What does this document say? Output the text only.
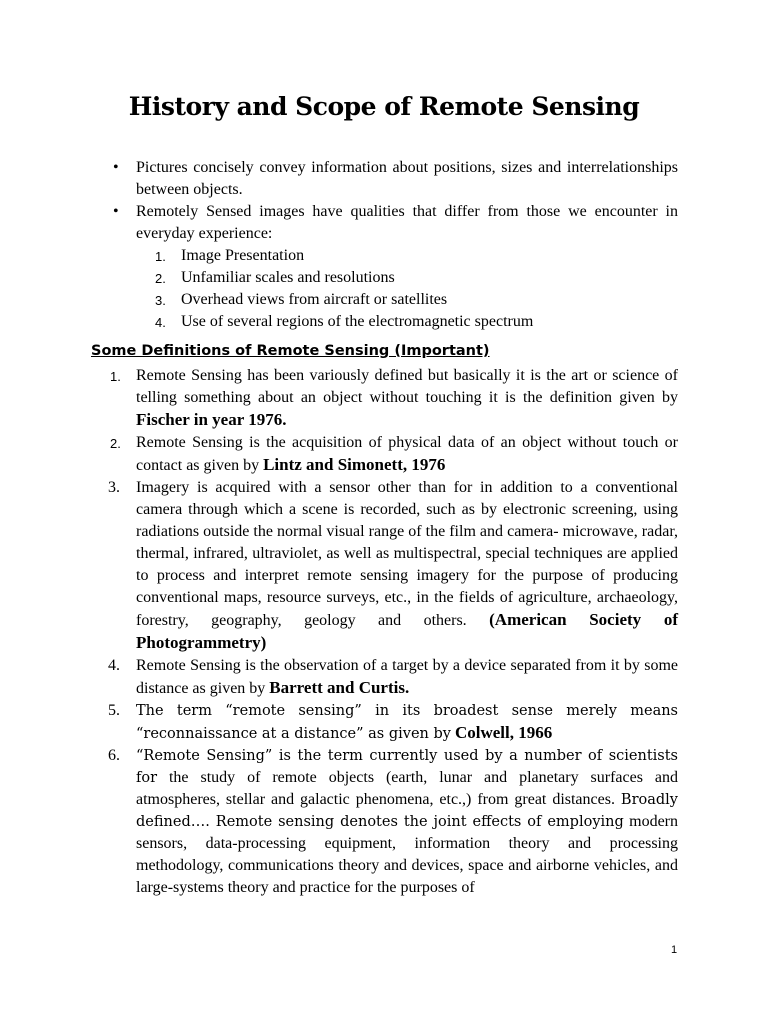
History and Scope of Remote Sensing
• Pictures concisely convey information about positions, sizes and interrelationships between objects.
• Remotely Sensed images have qualities that differ from those we encounter in everyday experience:
1. Image Presentation
2. Unfamiliar scales and resolutions
3. Overhead views from aircraft or satellites
4. Use of several regions of the electromagnetic spectrum
Some Definitions of Remote Sensing (Important)
1. Remote Sensing has been variously defined but basically it is the art or science of telling something about an object without touching it is the definition given by Fischer in year 1976.
2. Remote Sensing is the acquisition of physical data of an object without touch or contact as given by Lintz and Simonett, 1976
3. Imagery is acquired with a sensor other than for in addition to a conventional camera through which a scene is recorded, such as by electronic screening, using radiations outside the normal visual range of the film and camera- microwave, radar, thermal, infrared, ultraviolet, as well as multispectral, special techniques are applied to process and interpret remote sensing imagery for the purpose of producing conventional maps, resource surveys, etc., in the fields of agriculture, archaeology, forestry, geography, geology and others. (American Society of Photogrammetry)
4. Remote Sensing is the observation of a target by a device separated from it by some distance as given by Barrett and Curtis.
5. The term “remote sensing” in its broadest sense merely means “reconnaissance at a distance” as given by Colwell, 1966
6. “Remote Sensing” is the term currently used by a number of scientists for the study of remote objects (earth, lunar and planetary surfaces and atmospheres, stellar and galactic phenomena, etc.,) from great distances. Broadly defined…. Remote sensing denotes the joint effects of employing modern sensors, data-processing equipment, information theory and processing methodology, communications theory and devices, space and airborne vehicles, and large-systems theory and practice for the purposes of
1
